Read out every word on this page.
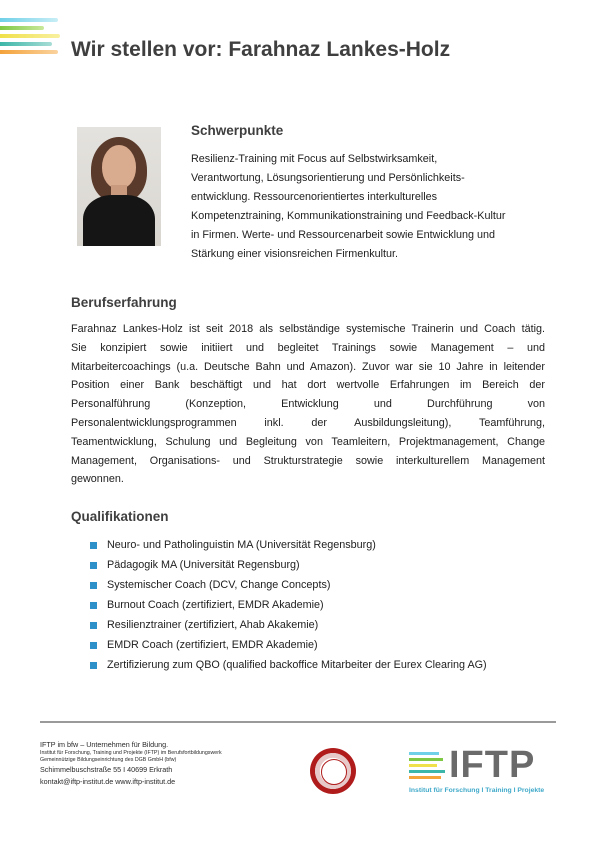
Wir stellen vor: Farahnaz Lankes-Holz
Schwerpunkte

Resilienz-Training mit Focus auf Selbstwirksamkeit,
Verantwortung, Lösungsorientierung und Persönlichkeits-
entwicklung. Ressourcenorientiertes interkulturelles
Kompetenztraining, Kommunikationstraining und Feedback-Kultur
in Firmen. Werte- und Ressourcenarbeit sowie Entwicklung und
Stärkung einer visionsreichen Firmenkultur.

Berufserfahrung

Farahnaz Lankes-Holz ist seit 2018 als selbständige systemische Trainerin und Coach tätig.
Sie konzipiert sowie initiiert und begleitet Trainings sowie Management – und
Mitarbeitercoachings (u.a. Deutsche Bahn und Amazon). Zuvor war sie 10 Jahre in leitender
Position einer Bank beschäftigt und hat dort wertvolle Erfahrungen im Bereich der
Personalführung (Konzeption, Entwicklung und Durchführung von
Personalentwicklungsprogrammen inkl. der Ausbildungsleitung), Teamführung,
Teamentwicklung, Schulung und Begleitung von Teamleitern, Projektmanagement, Change
Management, Organisations- und Strukturstrategie sowie interkulturellem Management
gewonnen.

Qualifikationen
Neuro- und Patholinguistin MA (Universität Regensburg)
Pädagogik MA (Universität Regensburg)
Systemischer Coach (DCV, Change Concepts)
Burnout Coach (zertifiziert, EMDR Akademie)
Resilienztrainer (zertifiziert, Ahab Akakemie)
EMDR Coach (zertifiziert, EMDR Akademie)
Zertifizierung zum QBO (qualified backoffice Mitarbeiter der Eurex Clearing AG)
IFTP im bfw – Unternehmen für Bildung.
Institut für Forschung, Training und Projekte (IFTP) im Berufsfortbildungswerk
Gemeinnützige Bildungseinrichtung des DGB GmbH (bfw)
Schimmelbuschstraße 55 I 40699 Erkrath
kontakt@iftp-institut.de www.iftp-institut.de	IFTP
Institut für Forschung I Training I Projekte
